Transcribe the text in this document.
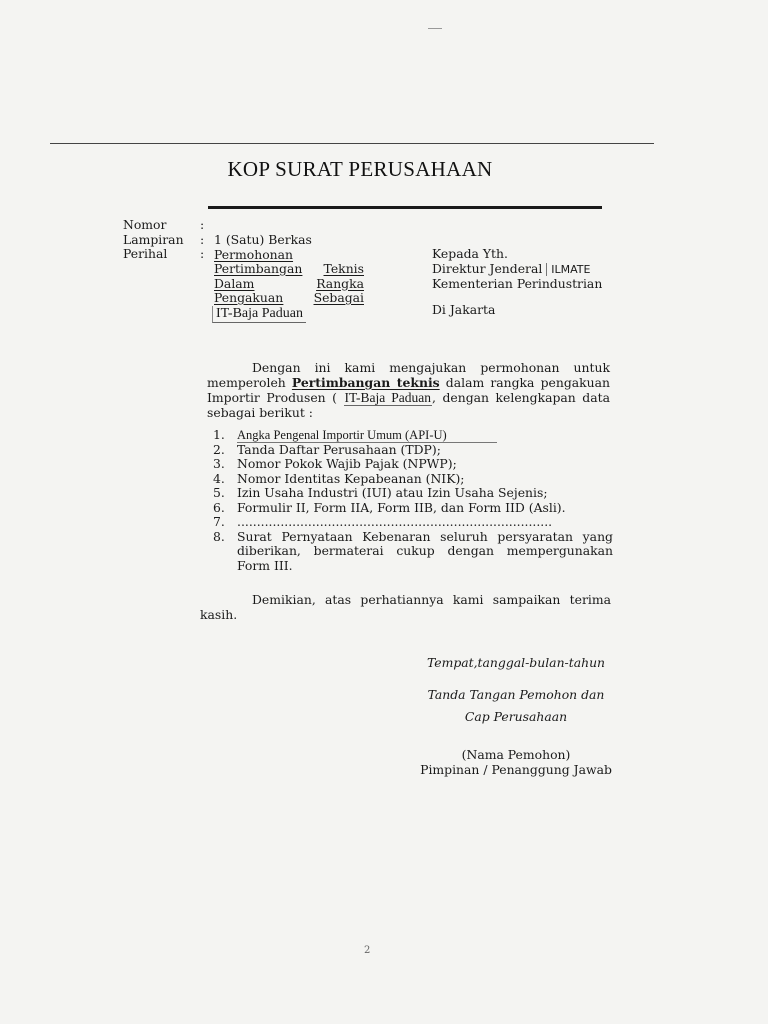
KOP SURAT PERUSAHAAN
Nomor
Lampiran
Perihal
:
:
:
1 (Satu) Berkas
Permohonan
Pertimbangan Teknis
Dalam	Rangka
Pengakuan Sebagai
IT-Baja Paduan
Kepada Yth.
Direktur Jenderal ILMATE
Kementerian Perindustrian
Di Jakarta
Dengan ini kami mengajukan permohonan untuk memperoleh Pertimbangan teknis dalam rangka pengakuan Importir Produsen ( IT-Baja Paduan, dengan kelengkapan data sebagai berikut :
1. Angka Pengenal Importir Umum (API-U)
2. Tanda Daftar Perusahaan (TDP);
3. Nomor Pokok Wajib Pajak (NPWP);
4. Nomor Identitas Kepabeanan (NIK);
5. Izin Usaha Industri (IUI) atau Izin Usaha Sejenis;
6. Formulir II, Form IIA, Form IIB, dan Form IID (Asli).
7. ................................................................................
8. Surat Pernyataan Kebenaran seluruh persyaratan yang diberikan, bermaterai cukup dengan mempergunakan Form III.
Demikian, atas perhatiannya kami sampaikan terima kasih.
Tempat,tanggal-bulan-tahun
Tanda Tangan Pemohon dan
Cap Perusahaan
(Nama Pemohon)
Pimpinan / Penanggung Jawab
2
